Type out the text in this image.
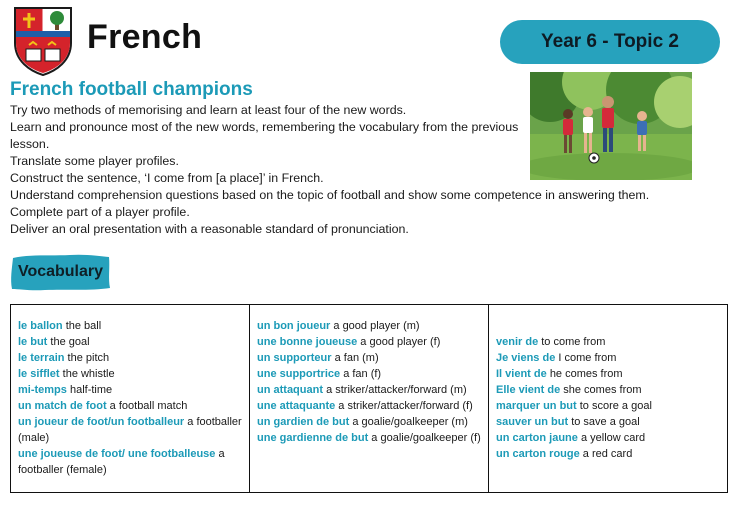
French	Year 6 - Topic 2
French football champions
Try two methods of memorising and learn at least four of the new words.
Learn and pronounce most of the new words, remembering the vocabulary from the previous
lesson.
Translate some player profiles.
Construct the sentence, ‘I come from [a place]’ in French.
Understand comprehension questions based on the topic of football and show some competence in answering them.
Complete part of a player profile.
Deliver an oral presentation with a reasonable standard of pronunciation.
Vocabulary
le ballon the ball
le but the goal
le terrain the pitch
le sifflet the whistle
mi-temps half-time
un match de foot a football match
un joueur de foot/un footballeur a footballer (male)
une joueuse de foot/ une footballeuse a footballer (female)
un bon joueur a good player (m)
une bonne joueuse a good player (f)
un supporteur a fan (m)
une supportrice a fan (f)
un attaquant a striker/attacker/forward (m)
une attaquante a striker/attacker/forward (f)
un gardien de but a goalie/goalkeeper (m)
une gardienne de but a goalie/goalkeeper (f)
venir de to come from
Je viens de I come from
Il vient de he comes from
Elle vient de she comes from
marquer un but to score a goal
sauver un but to save a goal
un carton jaune a yellow card
un carton rouge a red card
